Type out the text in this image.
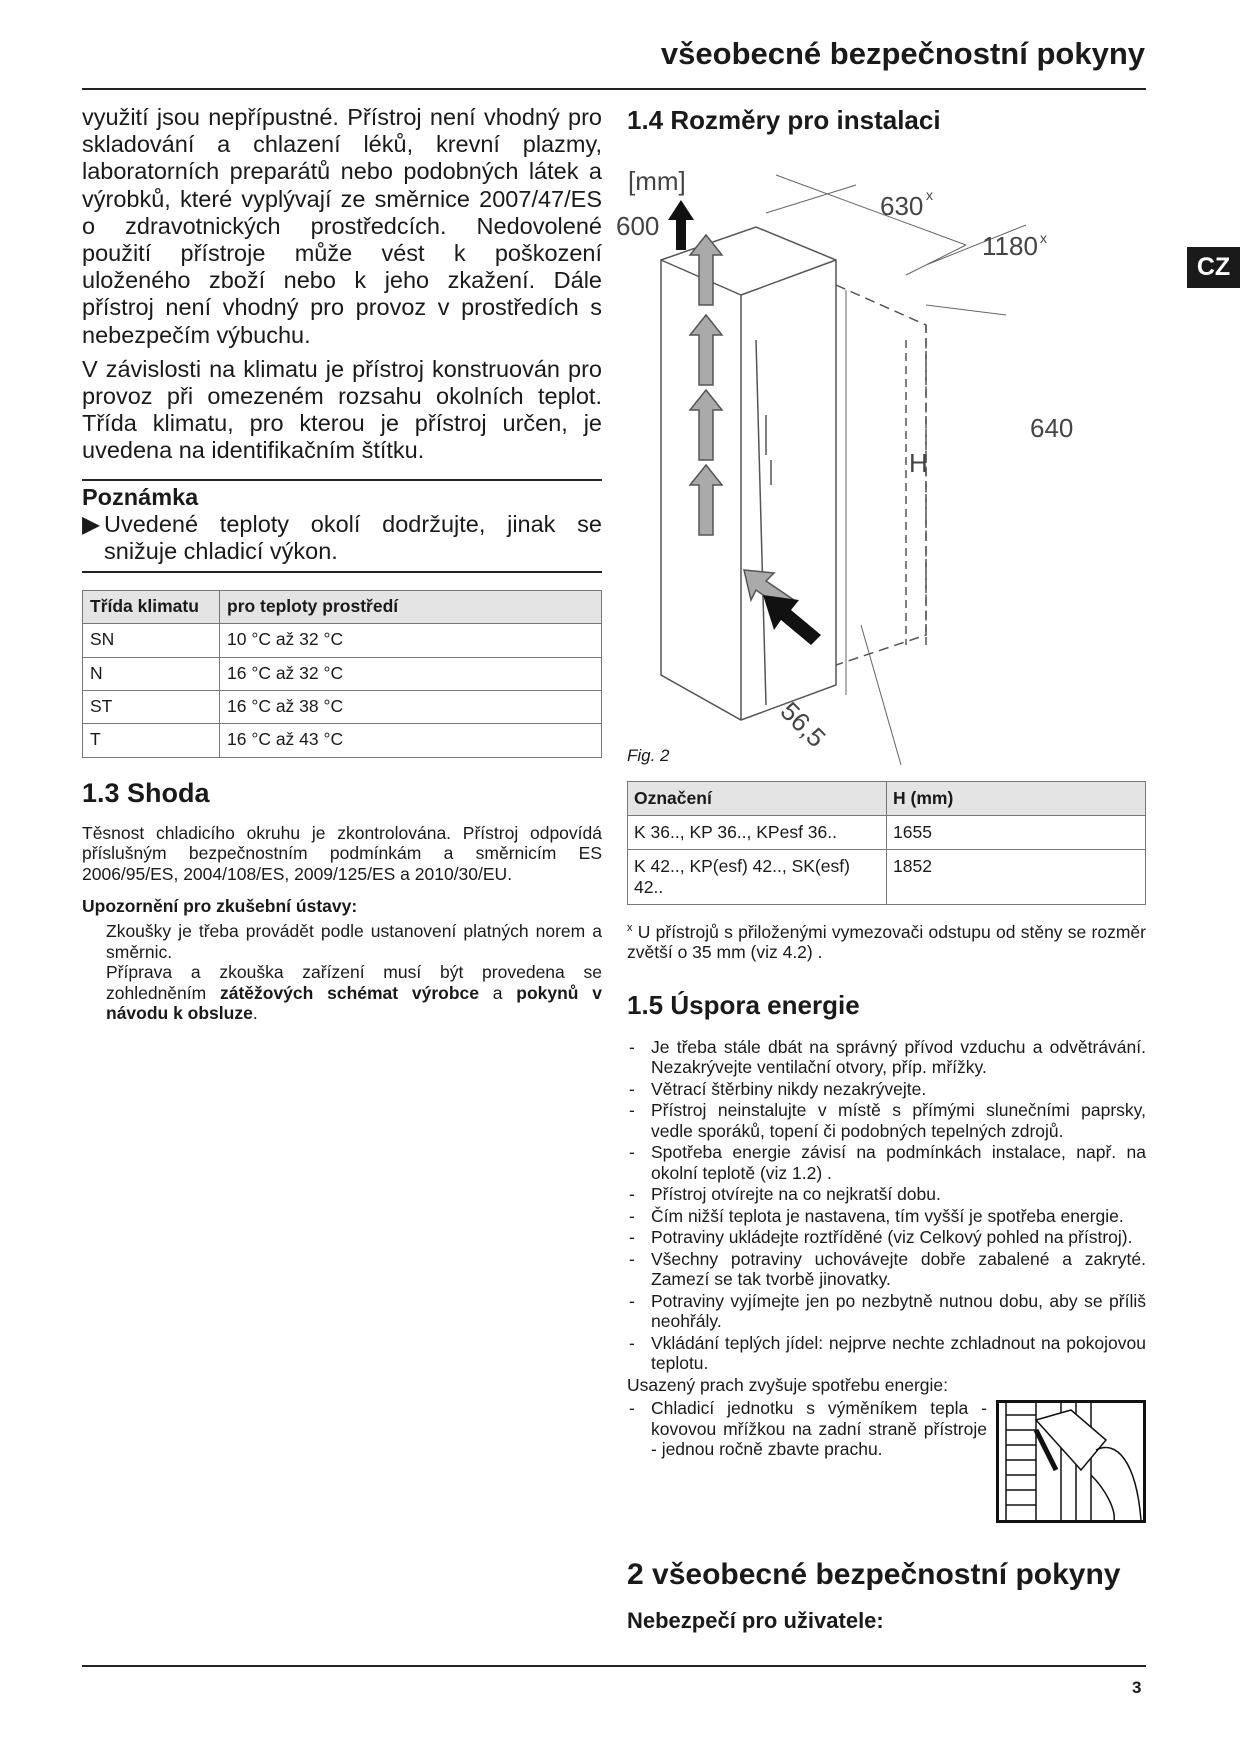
všeobecné bezpečnostní pokyny
CZ

využití jsou nepřípustné. Přístroj není vhodný pro skladování a chlazení léků, krevní plazmy, laboratorních preparátů nebo podobných látek a výrobků, které vyplývají ze směrnice 2007/47/ES o zdravotnických prostředcích. Nedovolené použití přístroje může vést k poškození uloženého zboží nebo k jeho zkažení. Dále přístroj není vhodný pro provoz v prostředích s nebezpečím výbuchu.

V závislosti na klimatu je přístroj konstruován pro provoz při omezeném rozsahu okolních teplot. Třída klimatu, pro kterou je přístroj určen, je uvedena na identifikačním štítku.

Poznámka
▶ Uvedené teploty okolí dodržujte, jinak se snižuje chladicí výkon.
Třída klimatu	pro teploty prostředí
SN	10 °C až 32 °C
N	16 °C až 32 °C
ST	16 °C až 38 °C
T	16 °C až 43 °C
1.3 Shoda

Těsnost chladicího okruhu je zkontrolována. Přístroj odpovídá příslušným bezpečnostním podmínkám a směrnicím ES 2006/95/ES, 2004/108/ES, 2009/125/ES a 2010/30/EU.

Upozornění pro zkušební ústavy:

Zkoušky je třeba provádět podle ustanovení platných norem a směrnic.

Příprava a zkouška zařízení musí být provedena se zohledněním zátěžových schémat výrobce a pokynů v návodu k obsluze.

1.4 Rozměry pro instalaci
[mm]
600
630 x
1180 x
640
H
56,5
Fig. 2
Označení	H (mm)
K 36.., KP 36.., KPesf 36..	1655
K 42.., KP(esf) 42.., SK(esf) 42..	1852

$^x$ U přístrojů s přiloženými vymezovači odstupu od stěny se rozměr zvětší o 35 mm (viz 4.2) .

1.5 Úspora energie
- Je třeba stále dbát na správný přívod vzduchu a odvětrávání. Nezakrývejte ventilační otvory, příp. mřížky.
- Větrací štěrbiny nikdy nezakrývejte.
- Přístroj neinstalujte v místě s přímými slunečními paprsky, vedle sporáků, topení či podobných tepelných zdrojů.
- Spotřeba energie závisí na podmínkách instalace, např. na okolní teplotě (viz 1.2) .
- Přístroj otvírejte na co nejkratší dobu.
- Čím nižší teplota je nastavena, tím vyšší je spotřeba energie.
- Potraviny ukládejte roztříděné (viz Celkový pohled na přístroj).
- Všechny potraviny uchovávejte dobře zabalené a zakryté. Zamezí se tak tvorbě jinovatky.
- Potraviny vyjímejte jen po nezbytně nutnou dobu, aby se příliš neohřály.
- Vkládání teplých jídel: nejprve nechte zchladnout na pokojovou teplotu.
Usazený prach zvyšuje spotřebu energie:
- Chladicí jednotku s výměníkem tepla - kovovou mřížkou na zadní straně přístroje - jednou ročně zbavte prachu.
2 všeobecné bezpečnostní pokyny
Nebezpečí pro uživatele:
3
